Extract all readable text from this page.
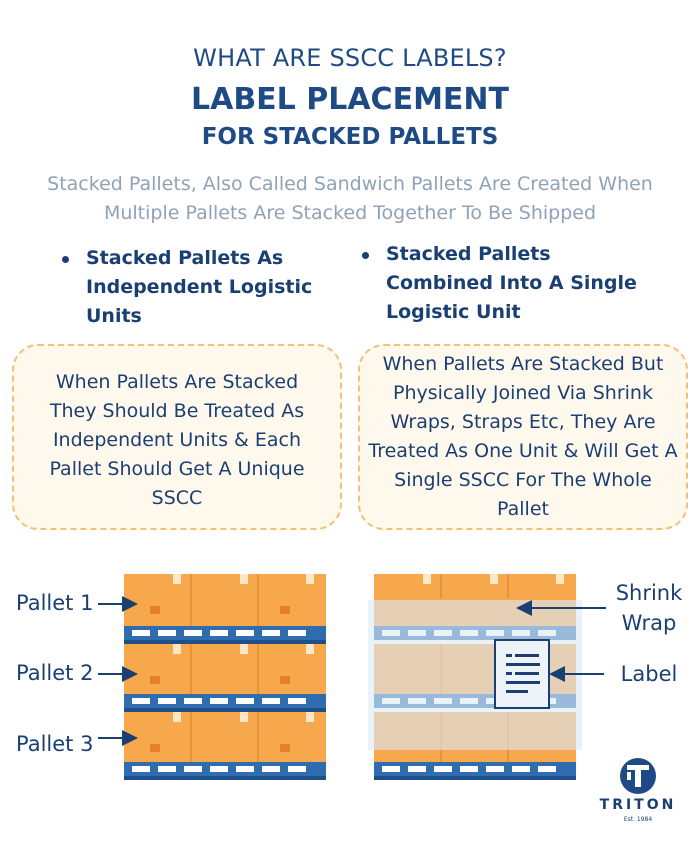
WHAT ARE SSCC LABELS?
LABEL PLACEMENT
FOR STACKED PALLETS
Stacked Pallets, Also Called Sandwich Pallets Are Created When Multiple Pallets Are Stacked Together To Be Shipped
Stacked Pallets As Independent Logistic Units
Stacked Pallets Combined Into A Single Logistic Unit
When Pallets Are Stacked They Should Be Treated As Independent Units & Each Pallet Should Get A Unique SSCC
When Pallets Are Stacked But Physically Joined Via Shrink Wraps, Straps Etc, They Are Treated As One Unit & Will Get A Single SSCC For The Whole Pallet
Pallet 1
Pallet 2
Pallet 3
Shrink
Wrap
Label
TRITON
Est. 1984
